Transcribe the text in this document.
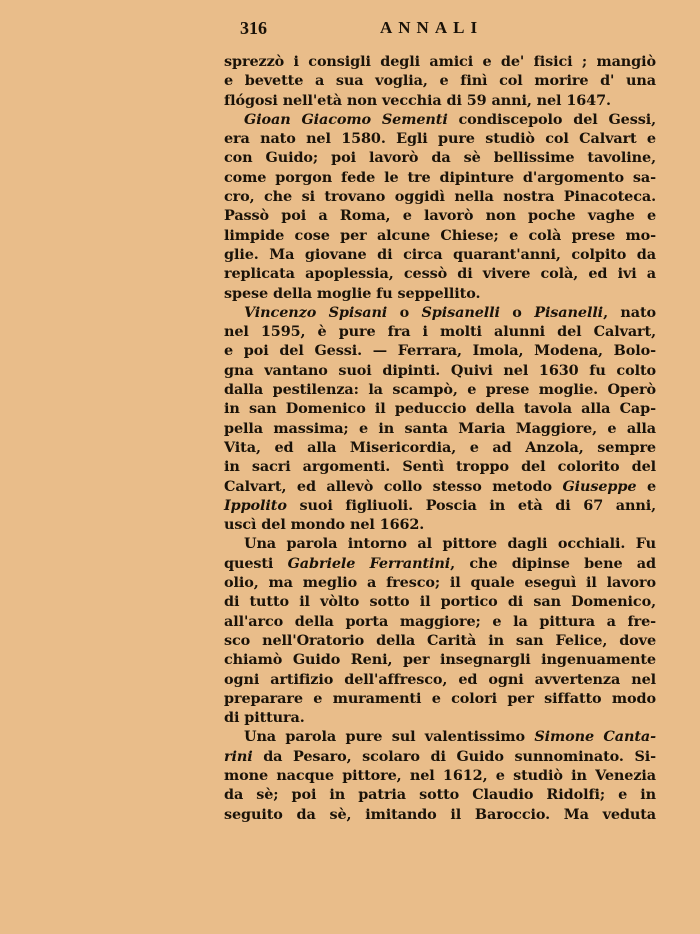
316	ANNALI
sprezzò i consigli degli amici e de' fisici ; mangiò
e bevette a sua voglia, e finì col morire d' una
flógosi nell'età non vecchia di 59 anni, nel 1647.
Gioan Giacomo Sementi condiscepolo del Gessi,
era nato nel 1580. Egli pure studiò col Calvart e
con Guido; poi lavorò da sè bellissime tavoline,
come porgon fede le tre dipinture d'argomento sa-
cro, che si trovano oggidì nella nostra Pinacoteca.
Passò poi a Roma, e lavorò non poche vaghe e
limpide cose per alcune Chiese; e colà prese mo-
glie. Ma giovane di circa quarant'anni, colpito da
replicata apoplessia, cessò di vivere colà, ed ivi a
spese della moglie fu seppellito.
Vincenzo Spisani o Spisanelli o Pisanelli, nato
nel 1595, è pure fra i molti alunni del Calvart,
e poi del Gessi. — Ferrara, Imola, Modena, Bolo-
gna vantano suoi dipinti. Quivi nel 1630 fu colto
dalla pestilenza: la scampò, e prese moglie. Operò
in san Domenico il peduccio della tavola alla Cap-
pella massima; e in santa Maria Maggiore, e alla
Vita, ed alla Misericordia, e ad Anzola, sempre
in sacri argomenti. Sentì troppo del colorito del
Calvart, ed allevò collo stesso metodo Giuseppe e
Ippolito suoi figliuoli. Poscia in età di 67 anni,
uscì del mondo nel 1662.
Una parola intorno al pittore dagli occhiali. Fu
questi Gabriele Ferrantini, che dipinse bene ad
olio, ma meglio a fresco; il quale eseguì il lavoro
di tutto il vòlto sotto il portico di san Domenico,
all'arco della porta maggiore; e la pittura a fre-
sco nell'Oratorio della Carità in san Felice, dove
chiamò Guido Reni, per insegnargli ingenuamente
ogni artifizio dell'affresco, ed ogni avvertenza nel
preparare e muramenti e colori per siffatto modo
di pittura.
Una parola pure sul valentissimo Simone Canta-
rini da Pesaro, scolaro di Guido sunnominato. Si-
mone nacque pittore, nel 1612, e studiò in Venezia
da sè; poi in patria sotto Claudio Ridolfi; e in
seguito da sè, imitando il Baroccio. Ma veduta
